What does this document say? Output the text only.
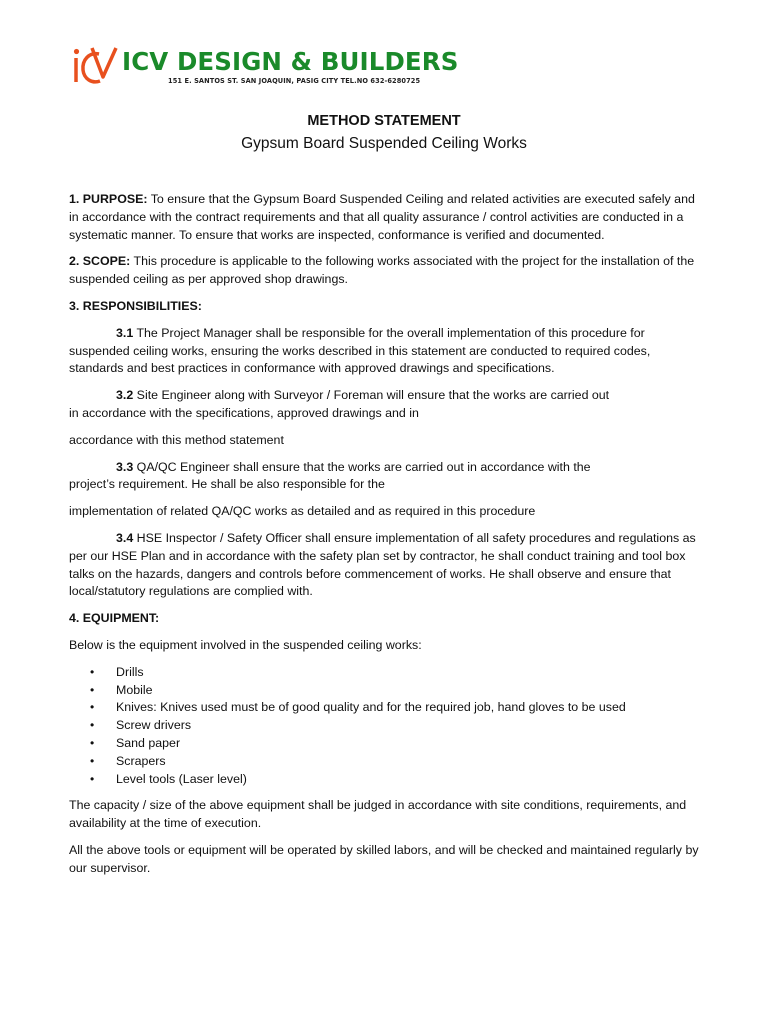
ICV DESIGN & BUILDERS
151 E. SANTOS ST. SAN JOAQUIN, PASIG CITY TEL.NO 632-6280725
METHOD STATEMENT
Gypsum Board Suspended Ceiling Works

1. PURPOSE: To ensure that the Gypsum Board Suspended Ceiling and related activities are executed safely and in accordance with the contract requirements and that all quality assurance / control activities are conducted in a systematic manner. To ensure that works are inspected, conformance is verified and documented.

2. SCOPE: This procedure is applicable to the following works associated with the project for the installation of the suspended ceiling as per approved shop drawings.

3. RESPONSIBILITIES:

3.1 The Project Manager shall be responsible for the overall implementation of this procedure for suspended ceiling works, ensuring the works described in this statement are conducted to required codes, standards and best practices in conformance with approved drawings and specifications.

3.2 Site Engineer along with Surveyor / Foreman will ensure that the works are carried out
in accordance with the specifications, approved drawings and in

accordance with this method statement

3.3 QA/QC Engineer shall ensure that the works are carried out in accordance with the
project’s requirement. He shall be also responsible for the

implementation of related QA/QC works as detailed and as required in this procedure

3.4 HSE Inspector / Safety Officer shall ensure implementation of all safety procedures and regulations as per our HSE Plan and in accordance with the safety plan set by contractor, he shall conduct training and tool box talks on the hazards, dangers and controls before commencement of works. He shall observe and ensure that local/statutory regulations are complied with.

4. EQUIPMENT:

Below is the equipment involved in the suspended ceiling works:

• Drills
• Mobile
• Knives: Knives used must be of good quality and for the required job, hand gloves to be used
• Screw drivers
• Sand paper
• Scrapers
• Level tools (Laser level)

The capacity / size of the above equipment shall be judged in accordance with site conditions, requirements, and availability at the time of execution.

All the above tools or equipment will be operated by skilled labors, and will be checked and maintained regularly by our supervisor.
